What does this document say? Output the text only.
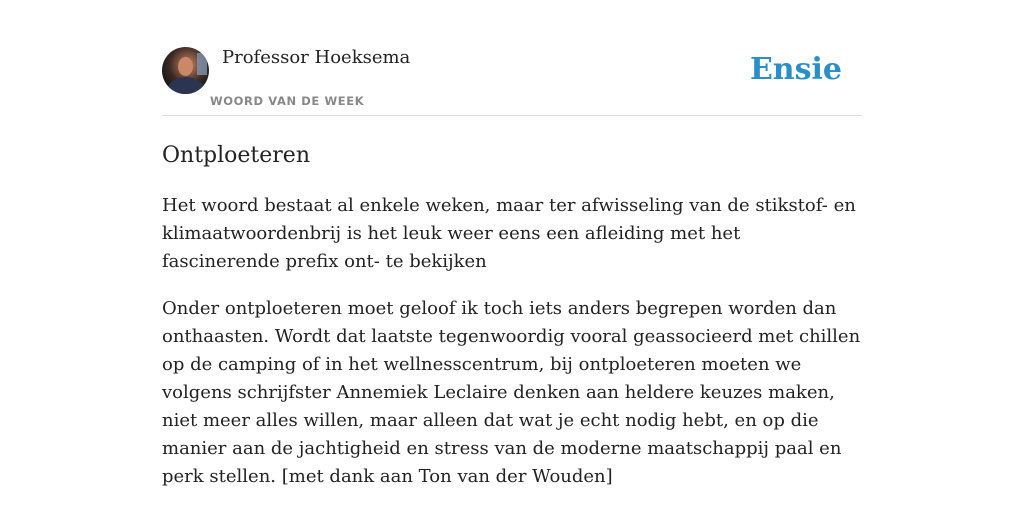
Professor Hoeksema
WOORD VAN DE WEEK
Ensie
Ontploeteren

Het woord bestaat al enkele weken, maar ter afwisseling van de stikstof- en klimaatwoordenbrij is het leuk weer eens een afleiding met het fascinerende prefix ont- te bekijken

Onder ontploeteren moet geloof ik toch iets anders begrepen worden dan onthaasten. Wordt dat laatste tegenwoordig vooral geassocieerd met chillen op de camping of in het wellnesscentrum, bij ontploeteren moeten we volgens schrijfster Annemiek Leclaire denken aan heldere keuzes maken, niet meer alles willen, maar alleen dat wat je echt nodig hebt, en op die manier aan de jachtigheid en stress van de moderne maatschappij paal en perk stellen. [met dank aan Ton van der Wouden]
